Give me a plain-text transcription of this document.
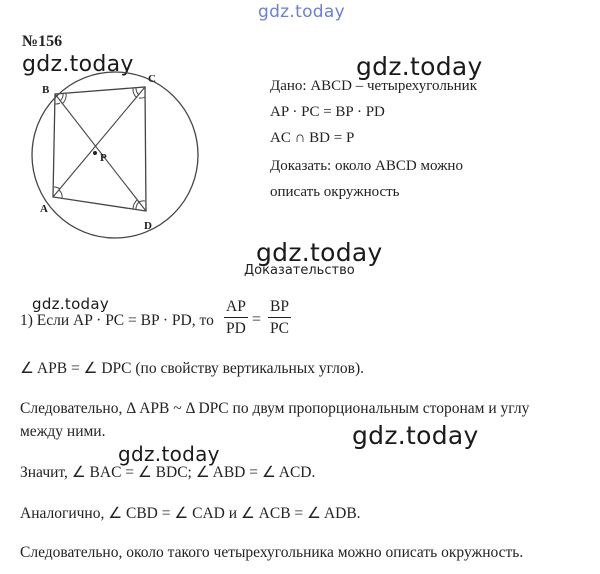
gdz.today
№156
gdz.today	gdz.today
B
C
P
A
D
Дано: ABCD – четырехугольник
AP · PC = BP · PD
AC ∩ BD = P
Доказать: около ABCD можно
описать окружность
gdz.today
Доказательство
gdz.today
1) Если AP · PC = BP · PD, то $\frac{AP}{PD} = \frac{BP}{PC}$
∠ APB = ∠ DPC (по свойству вертикальных углов).
Следовательно, Δ APB ~ Δ DPC по двум пропорциональным сторонам и углу
между ними.	gdz.today
gdz.today
Значит, ∠ BAC = ∠ BDC; ∠ ABD = ∠ ACD.
Аналогично, ∠ CBD = ∠ CAD и ∠ ACB = ∠ ADB.
Следовательно, около такого четырехугольника можно описать окружность.
